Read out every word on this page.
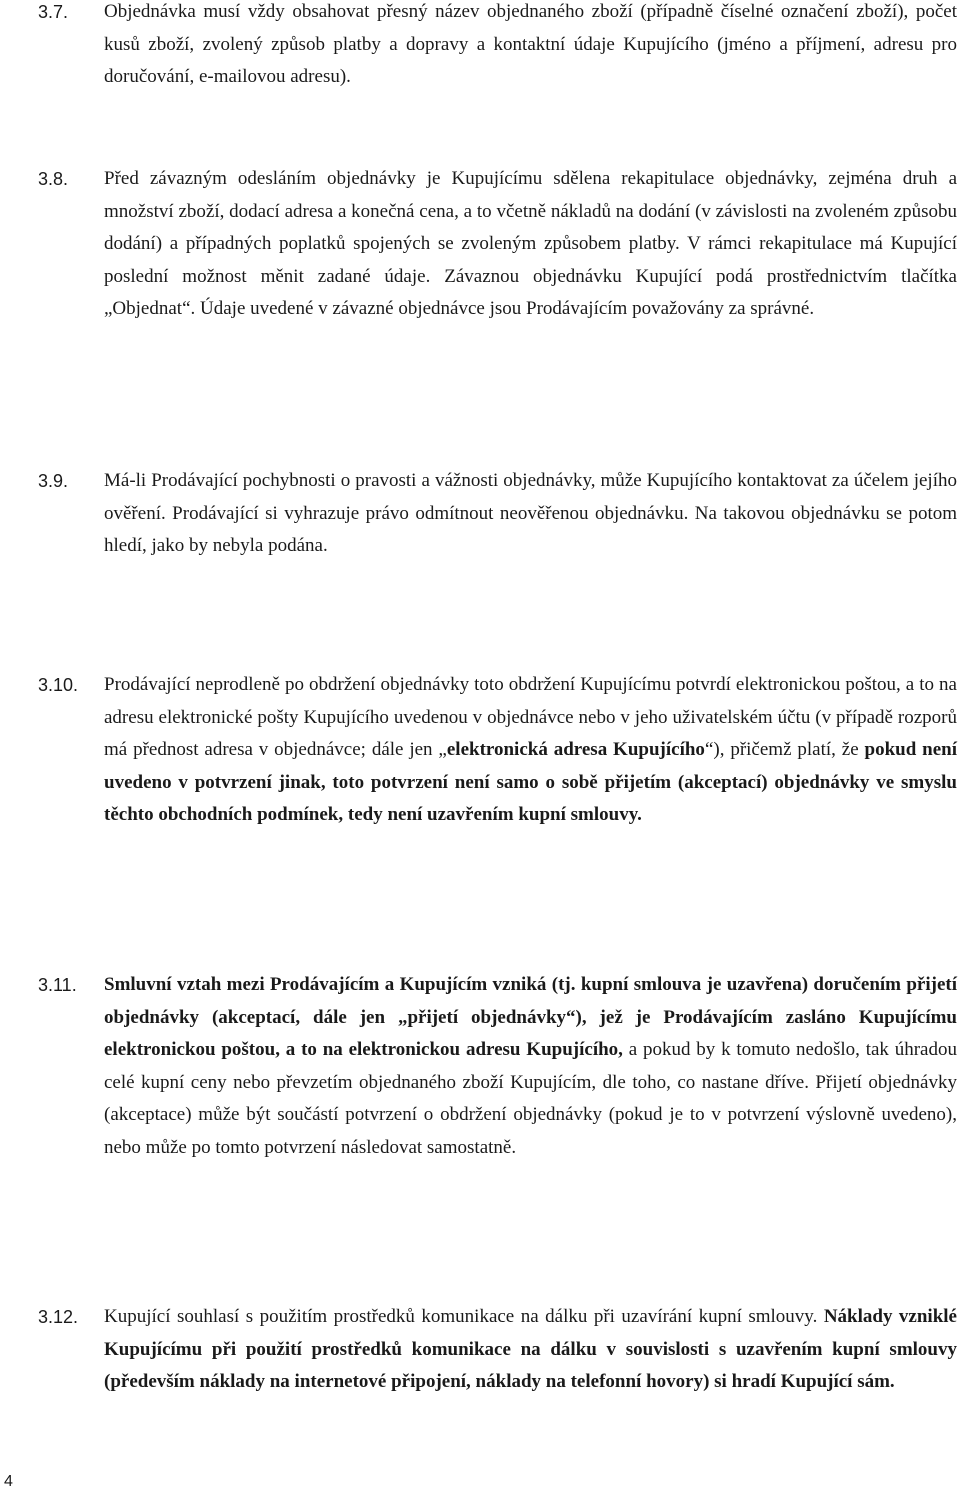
3.7. Objednávka musí vždy obsahovat přesný název objednaného zboží (případně číselné označení zboží), počet kusů zboží, zvolený způsob platby a dopravy a kontaktní údaje Kupujícího (jméno a příjmení, adresu pro doručování, e-mailovou adresu).

3.8. Před závazným odesláním objednávky je Kupujícímu sdělena rekapitulace objednávky, zejména druh a množství zboží, dodací adresa a konečná cena, a to včetně nákladů na dodání (v závislosti na zvoleném způsobu dodání) a případných poplatků spojených se zvoleným způsobem platby. V rámci rekapitulace má Kupující poslední možnost měnit zadané údaje. Závaznou objednávku Kupující podá prostřednictvím tlačítka „Objednat“. Údaje uvedené v závazné objednávce jsou Prodávajícím považovány za správné.

3.9. Má-li Prodávající pochybnosti o pravosti a vážnosti objednávky, může Kupujícího kontaktovat za účelem jejího ověření. Prodávající si vyhrazuje právo odmítnout neověřenou objednávku. Na takovou objednávku se potom hledí, jako by nebyla podána.

3.10. Prodávající neprodleně po obdržení objednávky toto obdržení Kupujícímu potvrdí elektronickou poštou, a to na adresu elektronické pošty Kupujícího uvedenou v objednávce nebo v jeho uživatelském účtu (v případě rozporů má přednost adresa v objednávce; dále jen „elektronická adresa Kupujícího“), přičemž platí, že pokud není uvedeno v potvrzení jinak, toto potvrzení není samo o sobě přijetím (akceptací) objednávky ve smyslu těchto obchodních podmínek, tedy není uzavřením kupní smlouvy.

3.11. Smluvní vztah mezi Prodávajícím a Kupujícím vzniká (tj. kupní smlouva je uzavřena) doručením přijetí objednávky (akceptací, dále jen „přijetí objednávky“), jež je Prodávajícím zasláno Kupujícímu elektronickou poštou, a to na elektronickou adresu Kupujícího, a pokud by k tomuto nedošlo, tak úhradou celé kupní ceny nebo převzetím objednaného zboží Kupujícím, dle toho, co nastane dříve. Přijetí objednávky (akceptace) může být součástí potvrzení o obdržení objednávky (pokud je to v potvrzení výslovně uvedeno), nebo může po tomto potvrzení následovat samostatně.

3.12. Kupující souhlasí s použitím prostředků komunikace na dálku při uzavírání kupní smlouvy. Náklady vzniklé Kupujícímu při použití prostředků komunikace na dálku v souvislosti s uzavřením kupní smlouvy (především náklady na internetové připojení, náklady na telefonní hovory) si hradí Kupující sám.

4
